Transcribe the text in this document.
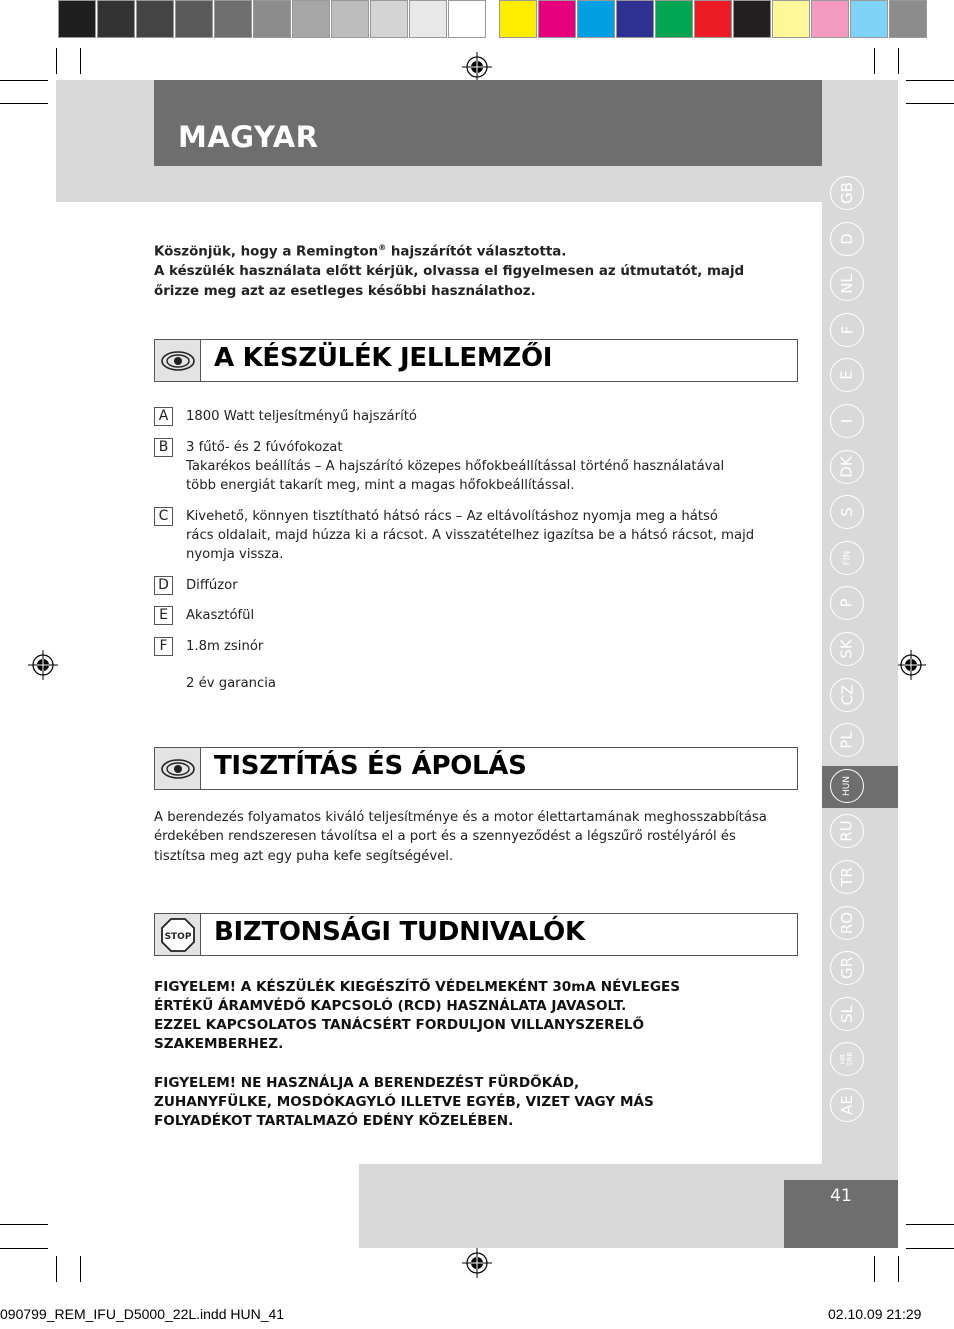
MAGYAR
GB
D
NL
F
E
I
DK
S
FIN
P
SK
CZ
PL
HUN
RU
TR
RO
GR
SL
HR SRB
AE
Köszönjük, hogy a Remington® hajszárítót választotta.
A készülék használata előtt kérjük, olvassa el figyelmesen az útmutatót, majd
őrizze meg azt az esetleges későbbi használathoz.
A KÉSZÜLÉK JELLEMZŐI
A	1800 Watt teljesítményű hajszárító
B	3 fűtő- és 2 fúvófokozat
Takarékos beállítás – A hajszárító közepes hőfokbeállítással történő használatával
több energiát takarít meg, mint a magas hőfokbeállítással.
C	Kivehető, könnyen tisztítható hátsó rács – Az eltávolításhoz nyomja meg a hátsó
rács oldalait, majd húzza ki a rácsot. A visszatételhez igazítsa be a hátsó rácsot, majd
nyomja vissza.
D	Diffúzor
E	Akasztófül
F	1.8m zsinór
2 év garancia
TISZTÍTÁS ÉS ÁPOLÁS
A berendezés folyamatos kiváló teljesítménye és a motor élettartamának meghosszabbítása
érdekében rendszeresen távolítsa el a port és a szennyeződést a légszűrő rostélyáról és
tisztítsa meg azt egy puha kefe segítségével.
STOP BIZTONSÁGI TUDNIVALÓK
FIGYELEM! A KÉSZÜLÉK KIEGÉSZÍTŐ VÉDELMEKÉNT 30mA NÉVLEGES
ÉRTÉKŰ ÁRAMVÉDŐ KAPCSOLÓ (RCD) HASZNÁLATA JAVASOLT.
EZZEL KAPCSOLATOS TANÁCSÉRT FORDULJON VILLANYSZERELŐ
SZAKEMBERHEZ.
FIGYELEM! NE HASZNÁLJA A BERENDEZÉST FÜRDŐKÁD,
ZUHANYFÜLKE, MOSDÓKAGYLÓ ILLETVE EGYÉB, VIZET VAGY MÁS
FOLYADÉKOT TARTALMAZÓ EDÉNY KÖZELÉBEN.
41
090799_REM_IFU_D5000_22L.indd HUN_41	02.10.09 21:29
